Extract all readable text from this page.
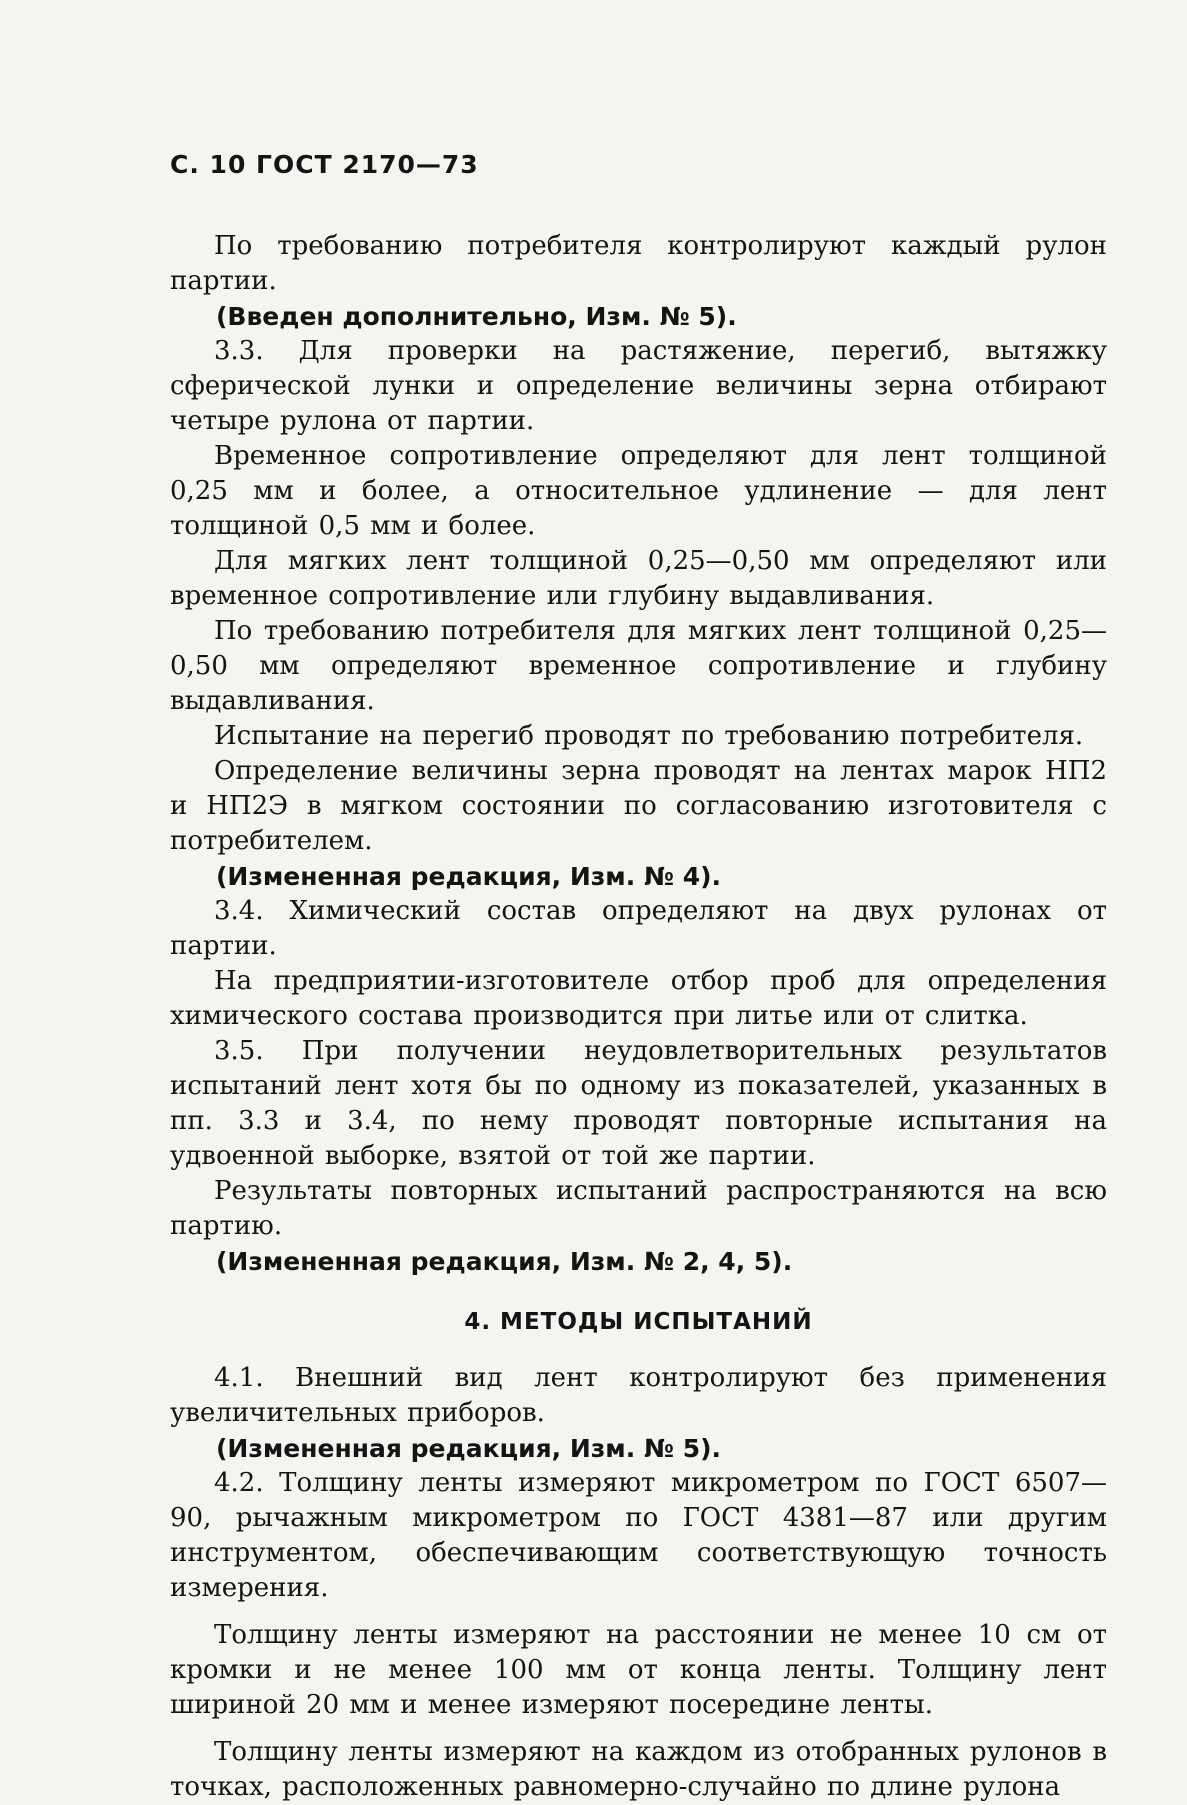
С. 10 ГОСТ 2170—73

По требованию потребителя контролируют каждый рулон партии.

(Введен дополнительно, Изм. № 5).

3.3. Для проверки на растяжение, перегиб, вытяжку сферической лунки и определение величины зерна отбирают четыре рулона от партии.

Временное сопротивление определяют для лент толщиной 0,25 мм и более, а относительное удлинение — для лент толщиной 0,5 мм и более.

Для мягких лент толщиной 0,25—0,50 мм определяют или временное сопротивление или глубину выдавливания.

По требованию потребителя для мягких лент толщиной 0,25—0,50 мм определяют временное сопротивление и глубину выдавливания.

Испытание на перегиб проводят по требованию потребителя.

Определение величины зерна проводят на лентах марок НП2 и НП2Э в мягком состоянии по согласованию изготовителя с потребителем.

(Измененная редакция, Изм. № 4).

3.4. Химический состав определяют на двух рулонах от партии.

На предприятии-изготовителе отбор проб для определения химического состава производится при литье или от слитка.

3.5. При получении неудовлетворительных результатов испытаний лент хотя бы по одному из показателей, указанных в пп. 3.3 и 3.4, по нему проводят повторные испытания на удвоенной выборке, взятой от той же партии.

Результаты повторных испытаний распространяются на всю партию.

(Измененная редакция, Изм. № 2, 4, 5).

4. МЕТОДЫ ИСПЫТАНИЙ

4.1. Внешний вид лент контролируют без применения увеличительных приборов.

(Измененная редакция, Изм. № 5).

4.2. Толщину ленты измеряют микрометром по ГОСТ 6507—90, рычажным микрометром по ГОСТ 4381—87 или другим инструментом, обеспечивающим соответствующую точность измерения.

Толщину ленты измеряют на расстоянии не менее 10 см от кромки и не менее 100 мм от конца ленты. Толщину лент шириной 20 мм и менее измеряют посередине ленты.

Толщину ленты измеряют на каждом из отобранных рулонов в точках, расположенных равномерно-случайно по длине рулона
